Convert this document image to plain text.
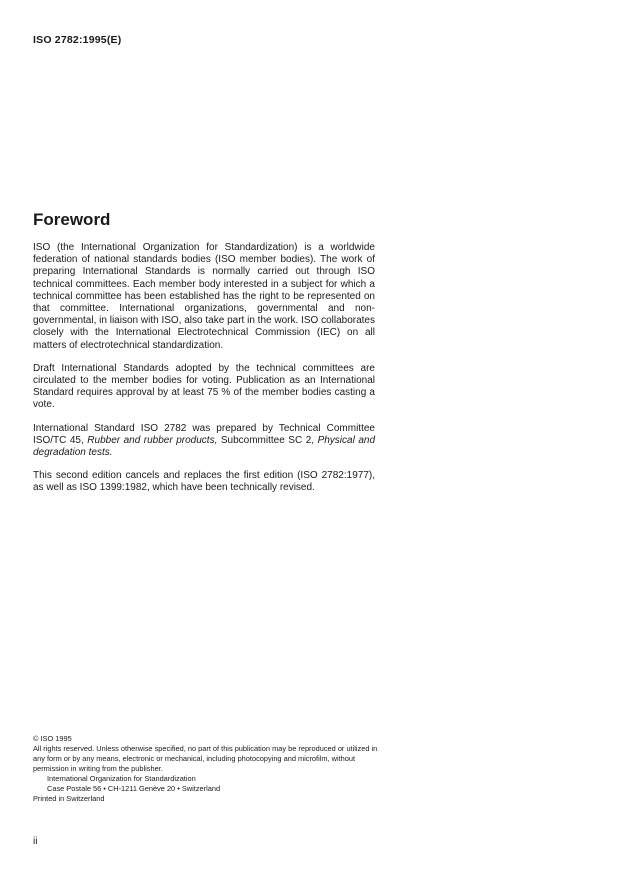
ISO 2782:1995(E)
Foreword

ISO (the International Organization for Standardization) is a worldwide federation of national standards bodies (ISO member bodies). The work of preparing International Standards is normally carried out through ISO technical committees. Each member body interested in a subject for which a technical committee has been established has the right to be represented on that committee. International organizations, governmental and non-governmental, in liaison with ISO, also take part in the work. ISO collaborates closely with the International Electrotechnical Commission (IEC) on all matters of electrotechnical standardization.

Draft International Standards adopted by the technical committees are circulated to the member bodies for voting. Publication as an International Standard requires approval by at least 75 % of the member bodies casting a vote.

International Standard ISO 2782 was prepared by Technical Committee ISO/TC 45, Rubber and rubber products, Subcommittee SC 2, Physical and degradation tests.

This second edition cancels and replaces the first edition (ISO 2782:1977), as well as ISO 1399:1982, which have been technically revised.

© ISO 1995
All rights reserved. Unless otherwise specified, no part of this publication may be reproduced or utilized in any form or by any means, electronic or mechanical, including photocopying and microfilm, without permission in writing from the publisher.
International Organization for Standardization
Case Postale 56 • CH-1211 Genève 20 • Switzerland
Printed in Switzerland
ii
